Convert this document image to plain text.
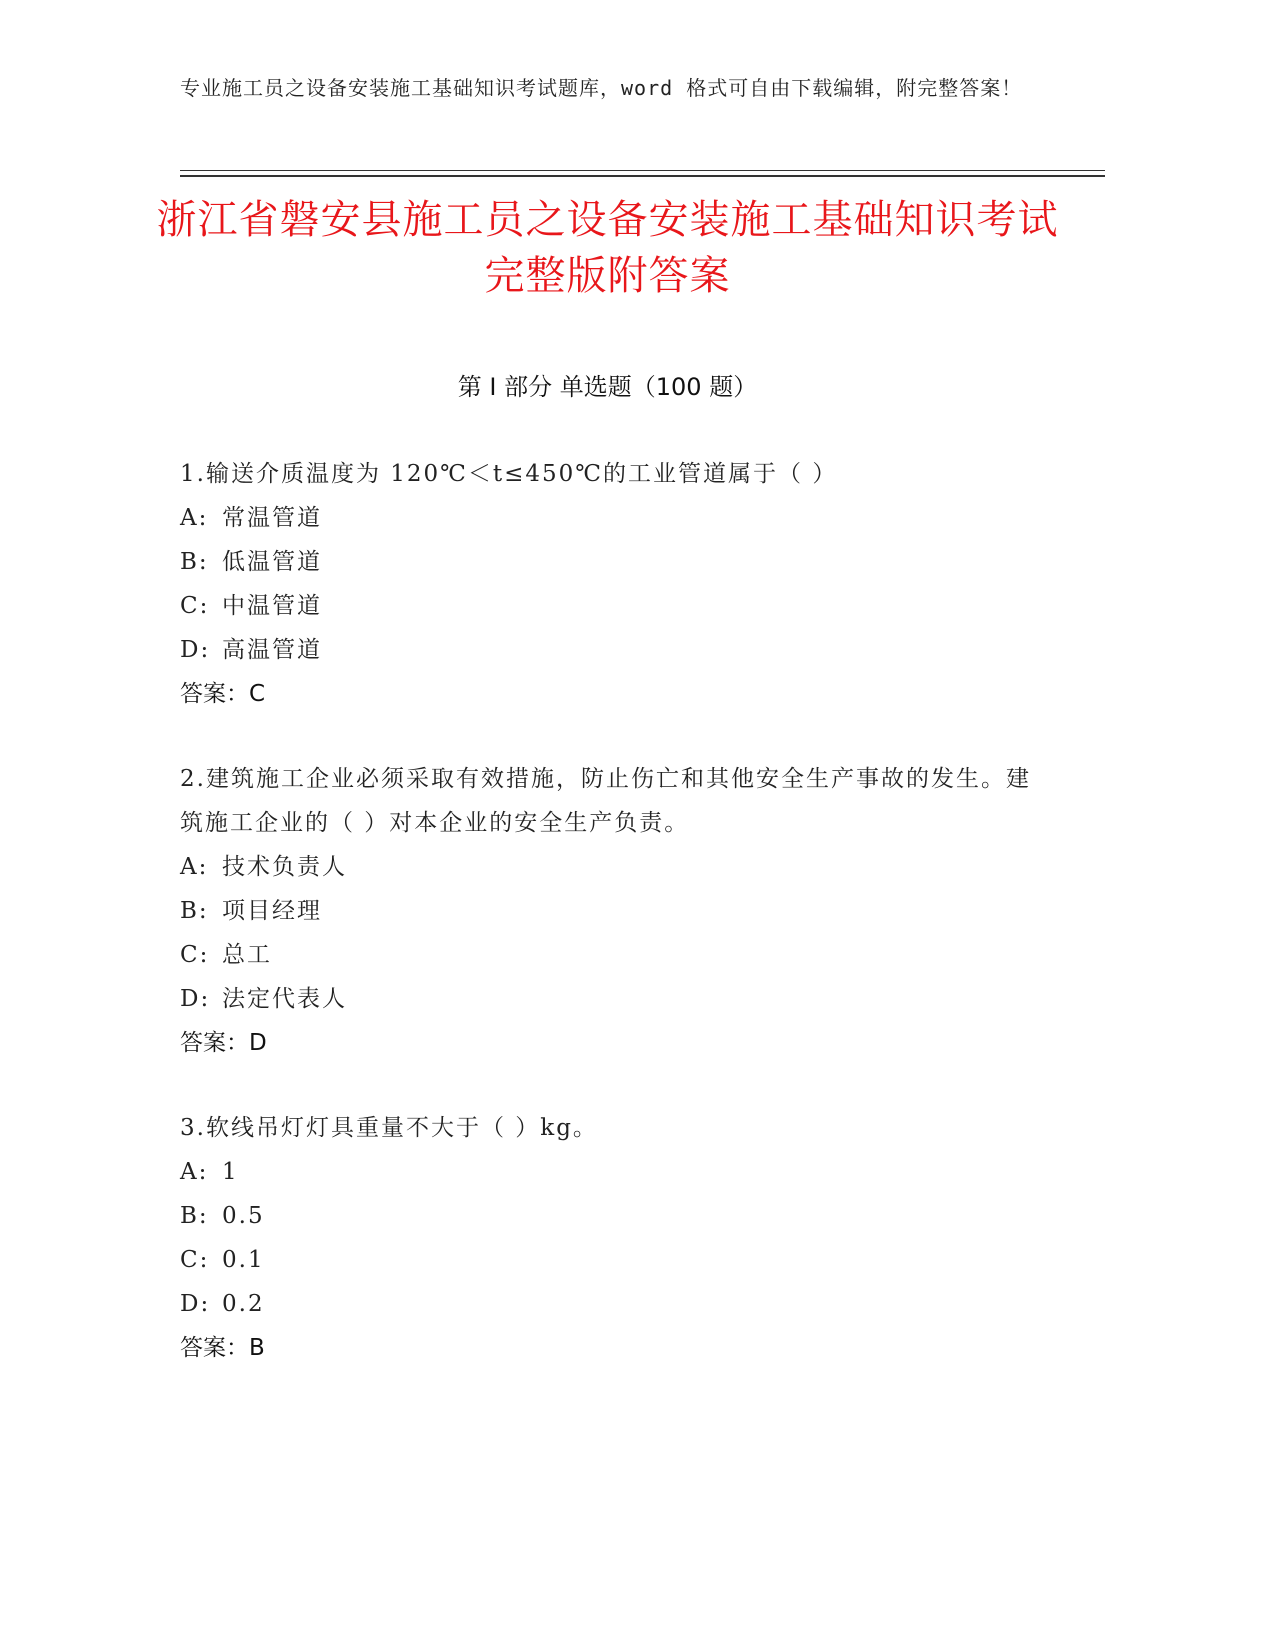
专业施工员之设备安装施工基础知识考试题库，word 格式可自由下载编辑，附完整答案！
浙江省磐安县施工员之设备安装施工基础知识考试完整版附答案
第 I 部分 单选题（100 题）
1.输送介质温度为 120℃＜t≤450℃的工业管道属于（ ）
A: 常温管道
B: 低温管道
C: 中温管道
D: 高温管道
答案：C
2.建筑施工企业必须采取有效措施，防止伤亡和其他安全生产事故的发生。建筑施工企业的（ ）对本企业的安全生产负责。
A: 技术负责人
B: 项目经理
C: 总工
D: 法定代表人
答案：D
3.软线吊灯灯具重量不大于（ ）kg。
A: 1
B: 0.5
C: 0.1
D: 0.2
答案：B
